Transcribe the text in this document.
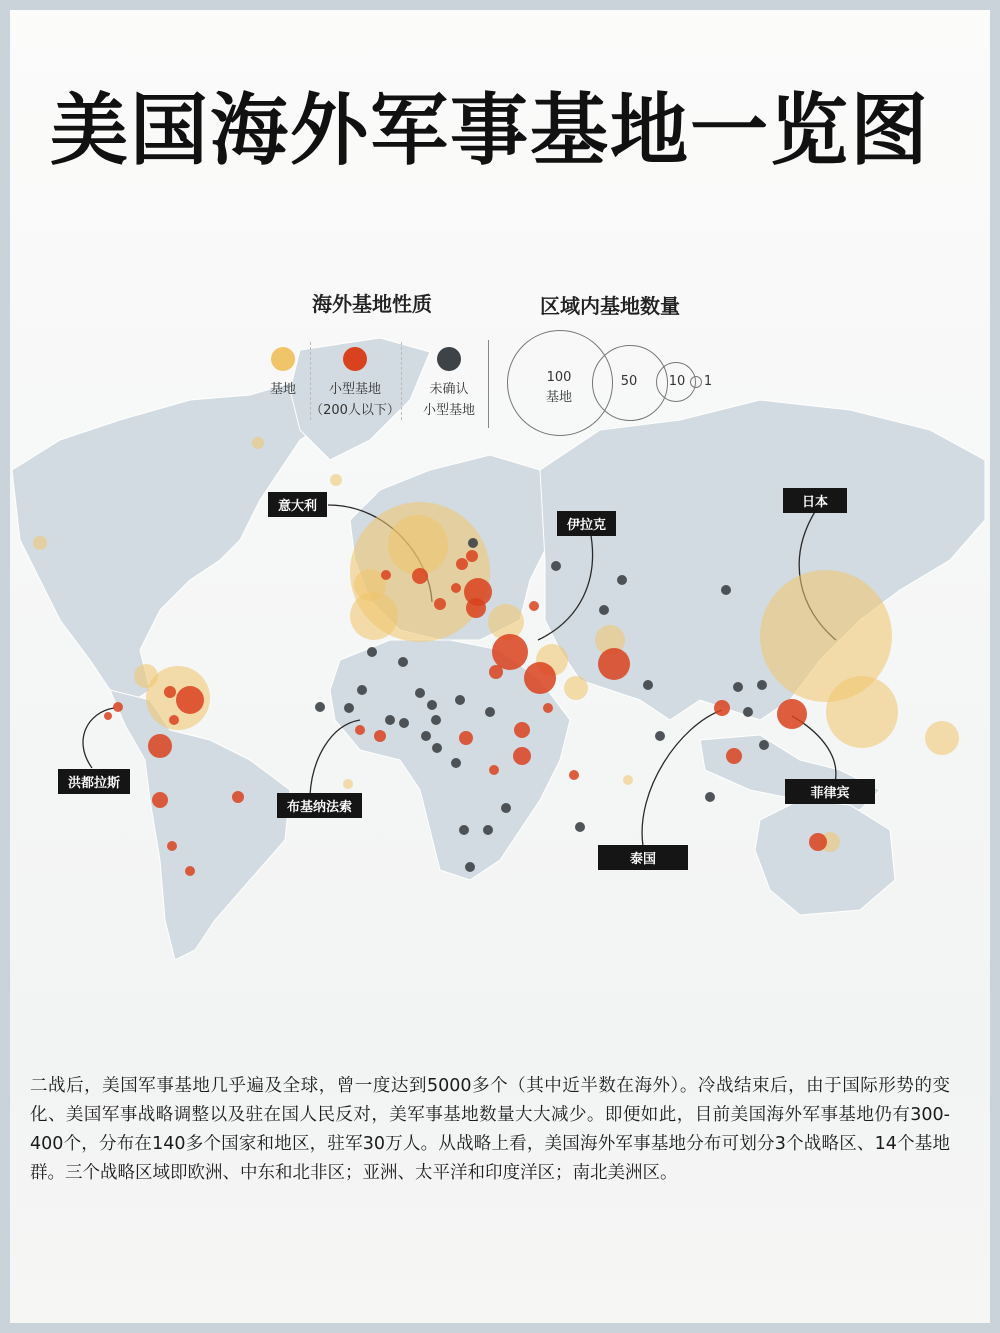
美国海外军事基地一览图
海外基地性质	区域内基地数量
基地	小型基地
（200人以下）
未确认
小型基地
100
基地
50	10 1
意大利
伊拉克
日本
洪都拉斯
布基纳法索
菲律宾
泰国

二战后，美国军事基地几乎遍及全球，曾一度达到5000多个（其中近半数在海外）。冷战结束后，由于国际形势的变化、美国军事战略调整以及驻在国人民反对，美军事基地数量大大减少。即便如此，目前美国海外军事基地仍有300-400个，分布在140多个国家和地区，驻军30万人。从战略上看，美国海外军事基地分布可划分3个战略区、14个基地群。三个战略区域即欧洲、中东和北非区；亚洲、太平洋和印度洋区；南北美洲区。
